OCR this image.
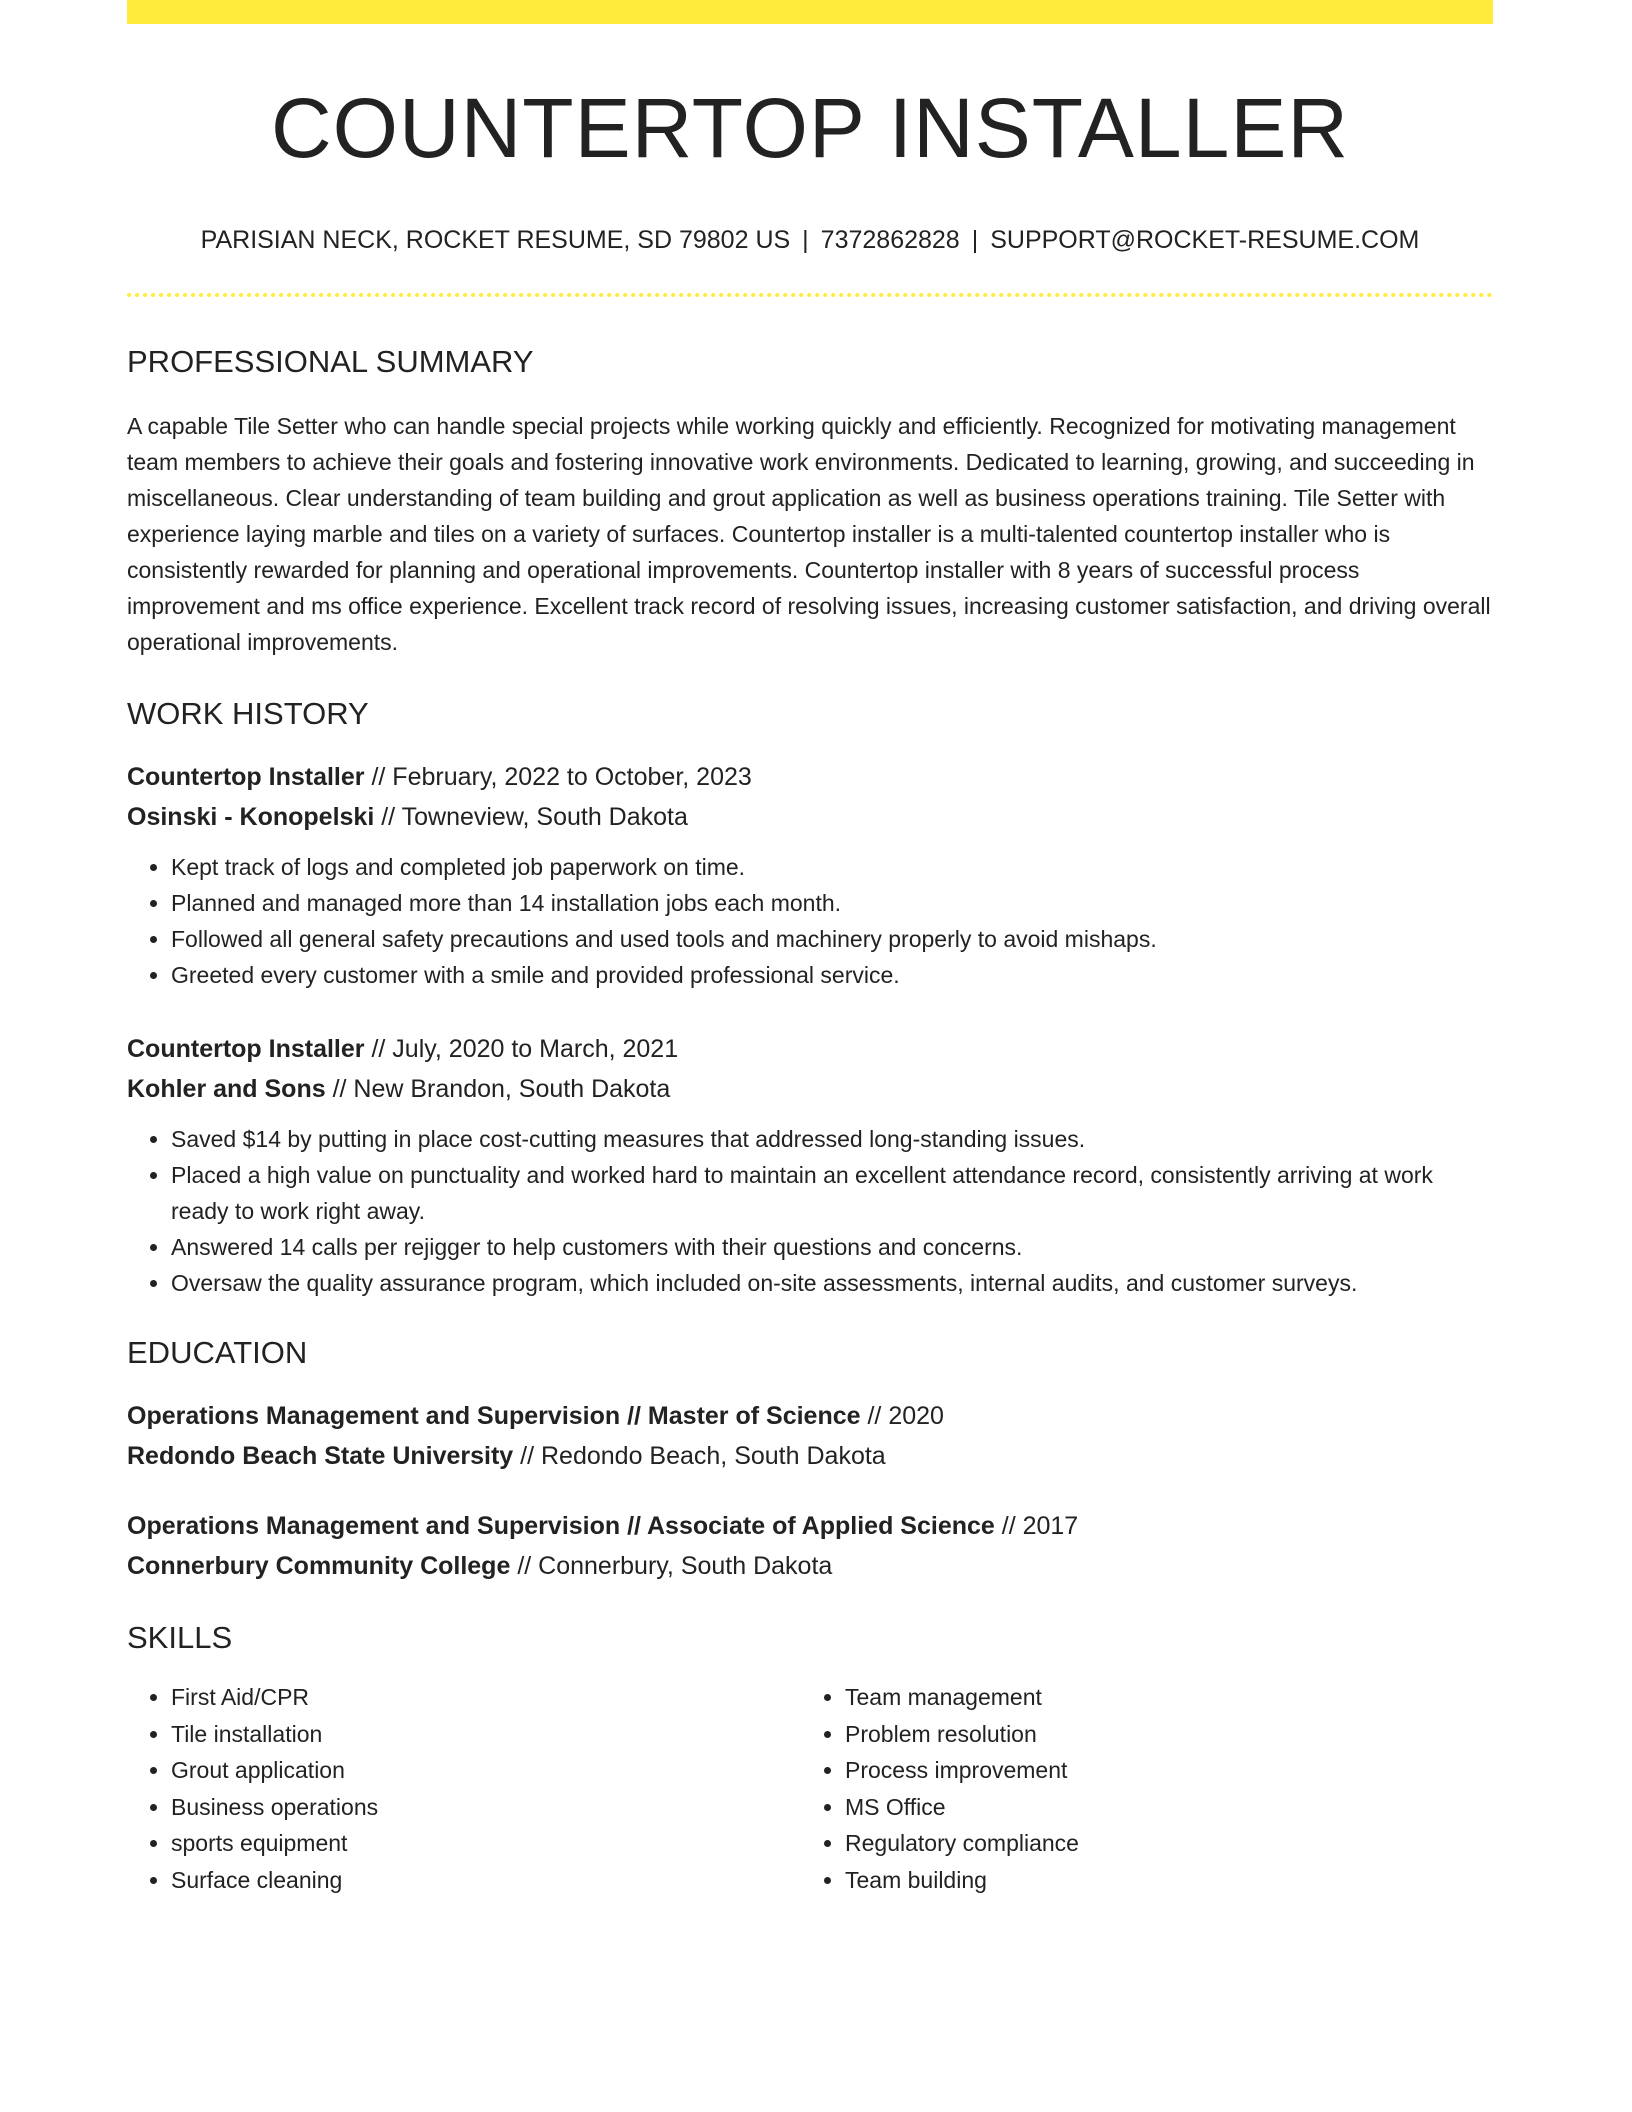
COUNTERTOP INSTALLER
PARISIAN NECK, ROCKET RESUME, SD 79802 US | 7372862828 | SUPPORT@ROCKET-RESUME.COM
PROFESSIONAL SUMMARY

A capable Tile Setter who can handle special projects while working quickly and efficiently. Recognized for motivating management team members to achieve their goals and fostering innovative work environments. Dedicated to learning, growing, and succeeding in miscellaneous. Clear understanding of team building and grout application as well as business operations training. Tile Setter with experience laying marble and tiles on a variety of surfaces. Countertop installer is a multi-talented countertop installer who is consistently rewarded for planning and operational improvements. Countertop installer with 8 years of successful process improvement and ms office experience. Excellent track record of resolving issues, increasing customer satisfaction, and driving overall operational improvements.

WORK HISTORY
Countertop Installer // February, 2022 to October, 2023
Osinski - Konopelski // Towneview, South Dakota
• Kept track of logs and completed job paperwork on time.
• Planned and managed more than 14 installation jobs each month.
• Followed all general safety precautions and used tools and machinery properly to avoid mishaps.
• Greeted every customer with a smile and provided professional service.
Countertop Installer // July, 2020 to March, 2021
Kohler and Sons // New Brandon, South Dakota
• Saved $14 by putting in place cost-cutting measures that addressed long-standing issues.
• Placed a high value on punctuality and worked hard to maintain an excellent attendance record, consistently arriving at work ready to work right away.
• Answered 14 calls per rejigger to help customers with their questions and concerns.
• Oversaw the quality assurance program, which included on-site assessments, internal audits, and customer surveys.
EDUCATION
Operations Management and Supervision // Master of Science // 2020
Redondo Beach State University // Redondo Beach, South Dakota
Operations Management and Supervision // Associate of Applied Science // 2017
Connerbury Community College // Connerbury, South Dakota
SKILLS
• First Aid/CPR
• Tile installation
• Grout application
• Business operations
• sports equipment
• Surface cleaning
• Team management
• Problem resolution
• Process improvement
• MS Office
• Regulatory compliance
• Team building
